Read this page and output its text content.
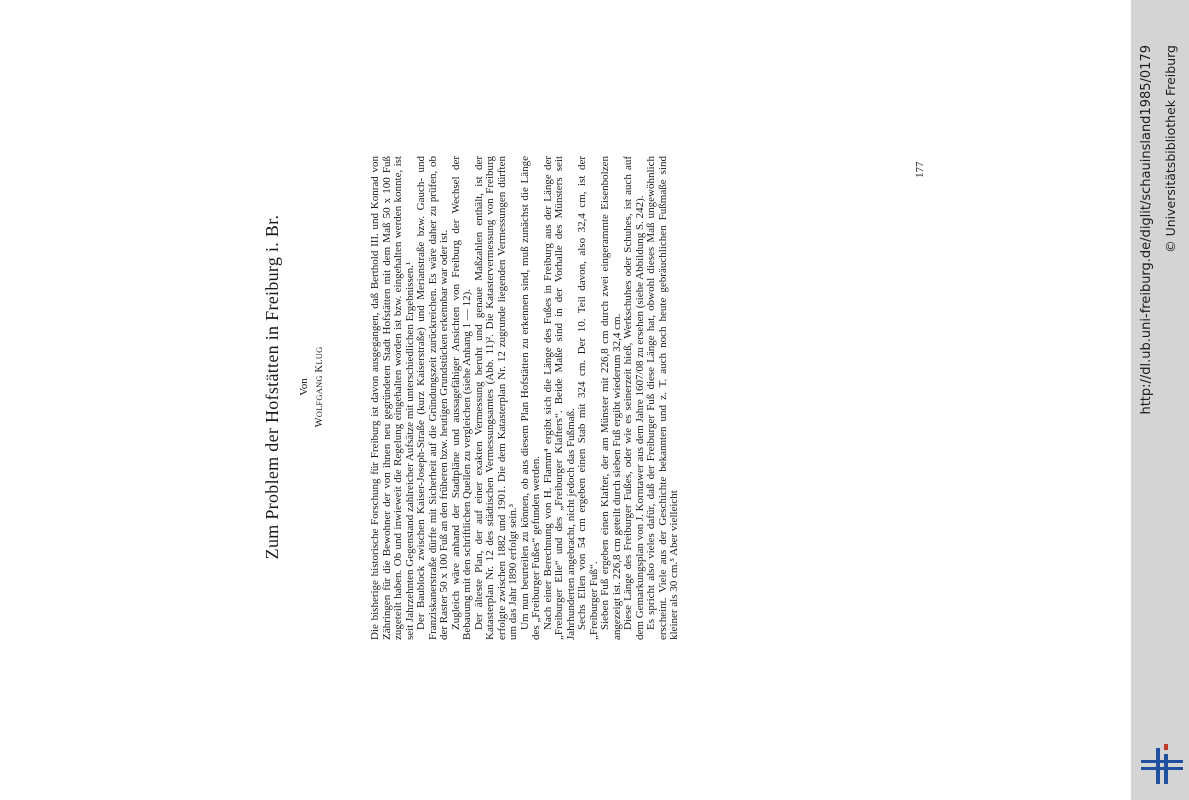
Zum Problem der Hofstätten in Freiburg i. Br. Von
WOLFGANG KLUG	Die bisherige historische Forschung für Freiburg ist davon ausgegangen, daß Berthold III. und Konrad von Zähringen für die Bewohner der von ihnen neu gegründeten Stadt Hofstätten mit dem Maß 50 x 100 Fuß zugeteilt haben. Ob und inwieweit die Regelung eingehalten worden ist bzw. eingehalten werden konnte, ist seit Jahrzehnten Gegenstand zahlreicher Aufsätze mit unterschiedlichen Ergebnissen.¹ Der Baublock zwischen Kaiser-Joseph-Straße (kurz Kaiserstraße) und Merianstraße bzw. Gauch- und Franziskanerstraße dürfte mit Sicherheit auf die Gründungszeit zurückreichen. Es wäre daher zu prüfen, ob der Raster 50 x 100 Fuß an den früheren bzw. heutigen Grundstücken erkennbar war oder ist. Zugleich wäre anhand der Stadtpläne und aussagefähiger Ansichten von Freiburg der Wechsel der Bebauung mit den schriftlichen Quellen zu vergleichen (siehe Anhang 1 — 12). Der älteste Plan, der auf einer exakten Vermessung beruht und genaue Maßzahlen enthält, ist der Katasterplan Nr. 12 des städtischen Vermessungsamtes (Abb. 11)². Die Katastervermessung von Freiburg erfolgte zwischen 1882 und 1901. Die dem Katasterplan Nr. 12 zugrunde liegenden Vermessungen dürften um das Jahr 1890 erfolgt sein.³ Um nun beurteilen zu können, ob aus diesem Plan Hofstätten zu erkennen sind, muß zunächst die Länge des „Freiburger Fußes“ gefunden werden. Nach einer Berechnung von H. Flamm⁴ ergibt sich die Länge des Fußes in Freiburg aus der Länge der „Freiburger Elle“ und des „Freiburger Klafters“. Beide Maße sind in der Vorhalle des Münsters seit Jahrhunderten angebracht, nicht jedoch das Fußmaß. Sechs Ellen von 54 cm ergeben einen Stab mit 324 cm. Der 10. Teil davon, also 32,4 cm, ist der „Freiburger Fuß“. Sieben Fuß ergeben einen Klafter, der am Münster mit 226,8 cm durch zwei eingerammte Eisenbolzen angezeigt ist. 226,8 cm geteilt durch sieben Fuß ergibt wiederum 32,4 cm. Diese Länge des Freiburger Fußes, oder wie es seinerzeit hieß, Werkschuhes oder Schuhes, ist auch auf dem Gemarkungsplan von J. Korntawer aus dem Jahre 1607/08 zu ersehen (siehe Abbildung S. 242). Es spricht also vieles dafür, daß der Freiburger Fuß diese Länge hat, obwohl dieses Maß ungewöhnlich erscheint. Viele aus der Geschichte bekannten und z. T. auch noch heute gebräuchlichen Fußmaße sind kleiner als 30 cm.⁵ Aber vielleicht

177	http://dl.ub.uni-freiburg.de/diglit/schauinsland1985/0179 © Universitätsbibliothek Freiburg
